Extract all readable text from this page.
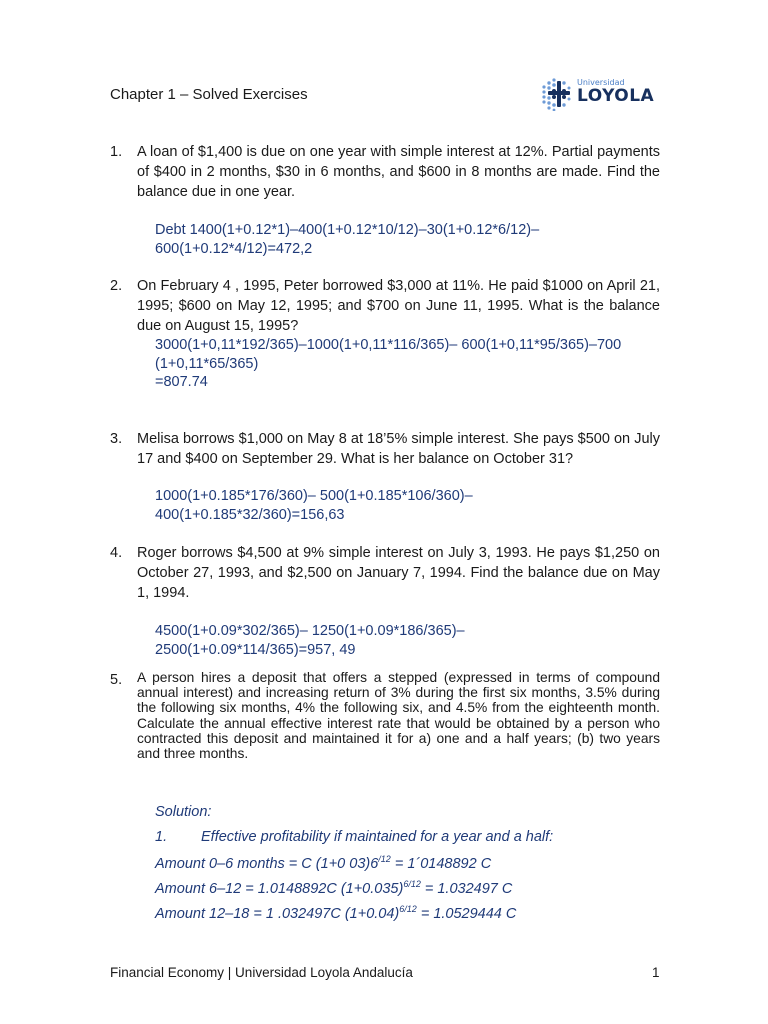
Chapter 1 – Solved Exercises
Universidad
LOYOLA
1. A loan of $1,400 is due on one year with simple interest at 12%. Partial payments of $400 in 2 months, $30 in 6 months, and $600 in 8 months are made. Find the balance due in one year.
Debt 1400(1+0.12*1)–400(1+0.12*10/12)–30(1+0.12*6/12)–
600(1+0.12*4/12)=472,2
2. On February 4 , 1995, Peter borrowed $3,000 at 11%. He paid $1000 on April 21, 1995; $600 on May 12, 1995; and $700 on June 11, 1995. What is the balance due on August 15, 1995?
3000(1+0,11*192/365)–1000(1+0,11*116/365)– 600(1+0,11*95/365)–700
(1+0,11*65/365)
=807.74
3. Melisa borrows $1,000 on May 8 at 18’5% simple interest. She pays $500 on July 17 and $400 on September 29. What is her balance on October 31?
1000(1+0.185*176/360)– 500(1+0.185*106/360)–
400(1+0.185*32/360)=156,63
4. Roger borrows $4,500 at 9% simple interest on July 3, 1993. He pays $1,250 on October 27, 1993, and $2,500 on January 7, 1994. Find the balance due on May 1, 1994.
4500(1+0.09*302/365)– 1250(1+0.09*186/365)–
2500(1+0.09*114/365)=957, 49
5. A person hires a deposit that offers a stepped (expressed in terms of compound annual interest) and increasing return of 3% during the first six months, 3.5% during the following six months, 4% the following six, and 4.5% from the eighteenth month. Calculate the annual effective interest rate that would be obtained by a person who contracted this deposit and maintained it for a) one and a half years; (b) two years and three months.
Solution:
1. Effective profitability if maintained for a year and a half:
Amount 0–6 months = C (1+0 $03)6^{/12}$ = 1´0148892 C
Amount 6–12 = 1.0148892C $(1+0.035)^{6/12} = 1.032497$ C
Amount 12–18 = 1 .032497C $(1+0.04)^{6/12} = 1.0529444$ C
Financial Economy | Universidad Loyola Andalucía	1
